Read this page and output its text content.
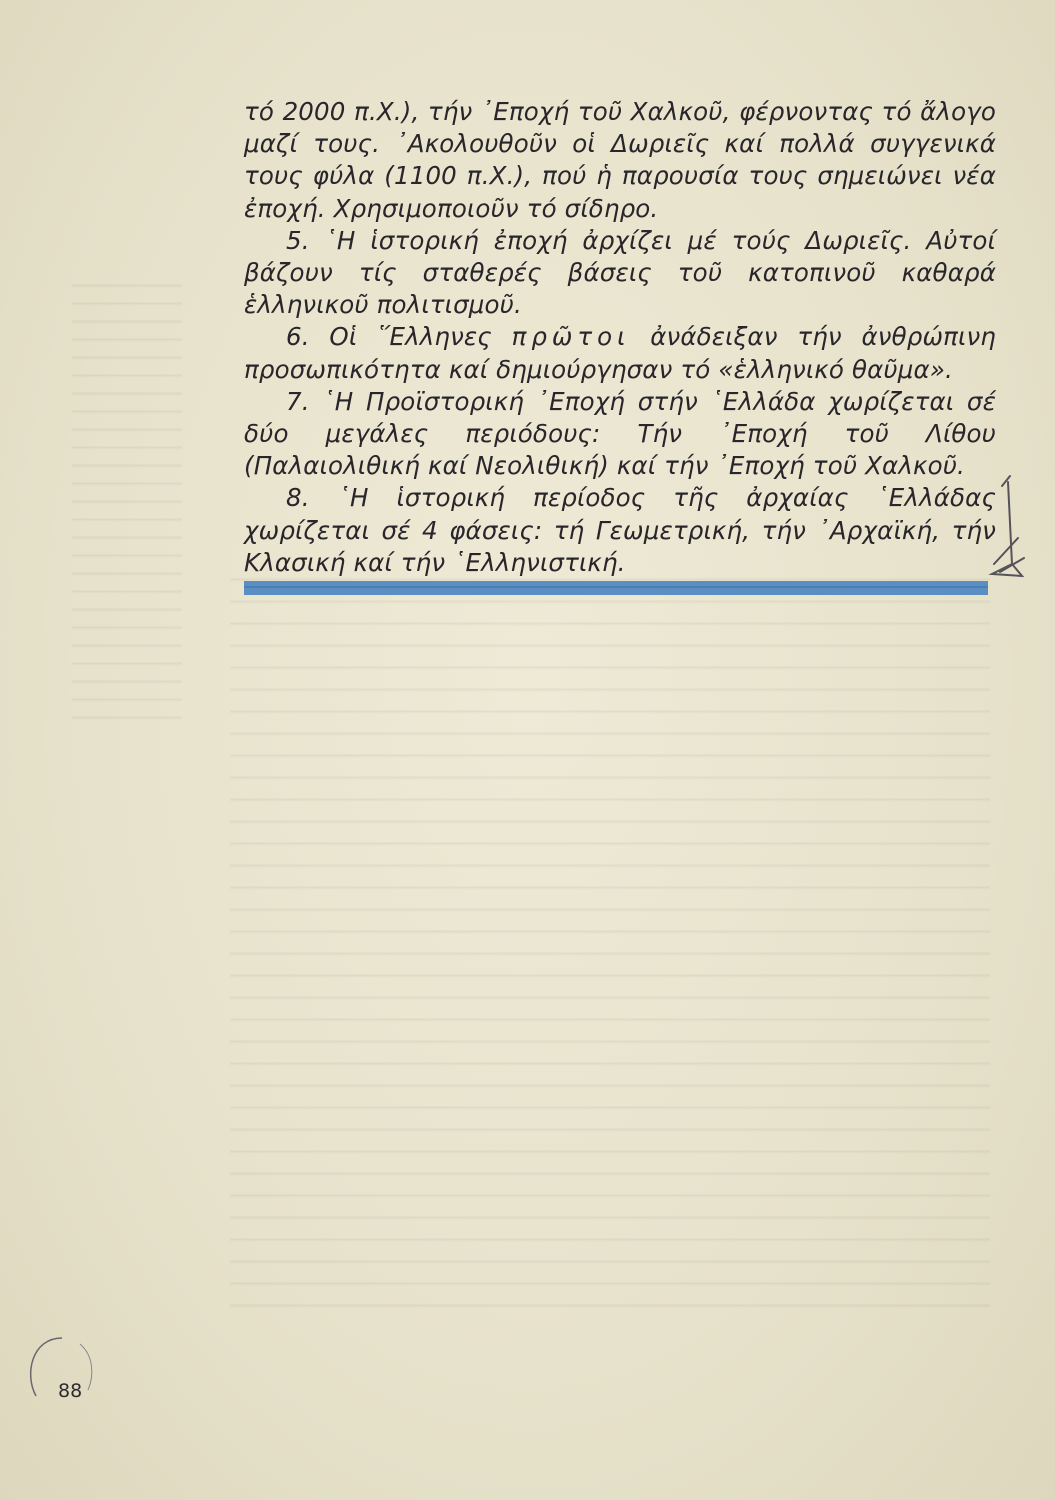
τό 2000 π.Χ.), τήν ᾽Εποχή τοῦ Χαλκοῦ, φέρνοντας τό ἄλογο μαζί τους. ᾽Ακολουθοῦν οἱ Δωριεῖς καί πολλά συγγενικά τους φύλα (1100 π.Χ.), πού ἡ παρουσία τους σημειώνει νέα ἐποχή. Χρησιμοποιοῦν τό σίδηρο.

5. ῾Η ἱστορική ἐποχή ἀρχίζει μέ τούς Δωριεῖς. Αὐτοί βάζουν τίς σταθερές βάσεις τοῦ κατοπινοῦ καθαρά ἑλληνικοῦ πολιτισμοῦ.

6. Οἱ ῞Ελληνες πρῶτοι ἀνάδειξαν τήν ἀνθρώπινη προσωπικότητα καί δημιούργησαν τό «ἑλληνικό θαῦμα».

7. ῾Η Προϊστορική ᾽Εποχή στήν ῾Ελλάδα χωρίζεται σέ δύο μεγάλες περιόδους: Τήν ᾽Εποχή τοῦ Λίθου (Παλαιολιθική καί Νεολιθική) καί τήν ᾽Εποχή τοῦ Χαλκοῦ.

8. ῾Η ἱστορική περίοδος τῆς ἀρχαίας ῾Ελλάδας χωρίζεται σέ 4 φάσεις: τή Γεωμετρική, τήν ᾽Αρχαϊκή, τήν Κλασική καί τήν ῾Ελληνιστική.

88
